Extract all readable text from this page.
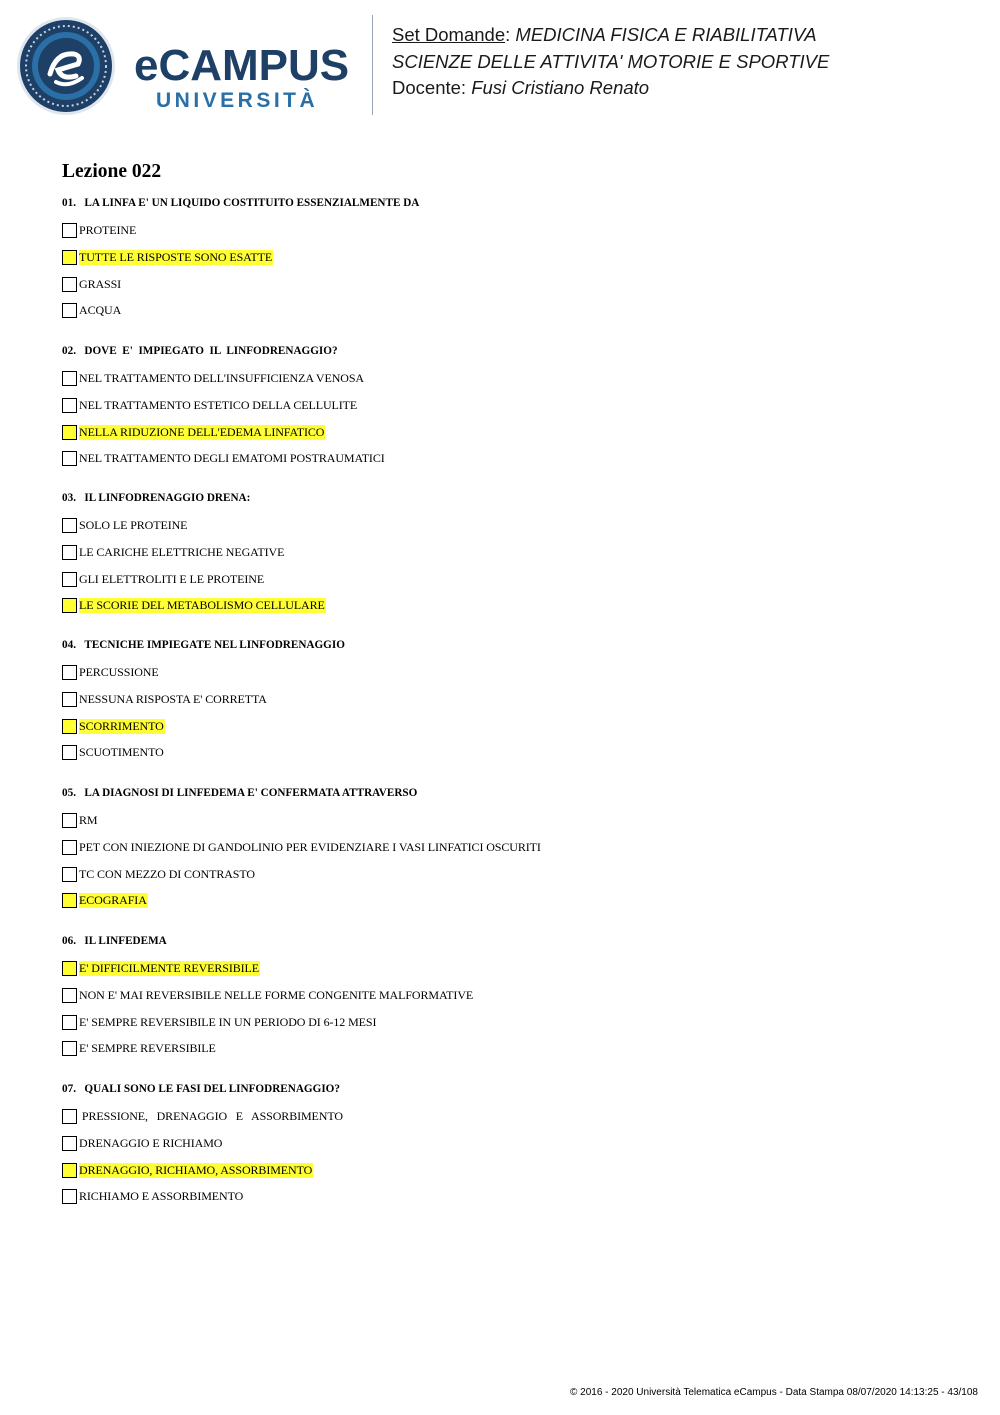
eCAMPUS
UNIVERSITÀ
Set Domande: MEDICINA FISICA E RIABILITATIVA
SCIENZE DELLE ATTIVITA' MOTORIE E SPORTIVE
Docente: Fusi Cristiano Renato
Lezione 022
01. LA LINFA E' UN LIQUIDO COSTITUITO ESSENZIALMENTE DA
PROTEINE
TUTTE LE RISPOSTE SONO ESATTE
GRASSI
ACQUA
02. DOVE  E'  IMPIEGATO  IL  LINFODRENAGGIO?
NEL TRATTAMENTO DELL'INSUFFICIENZA VENOSA
NEL TRATTAMENTO ESTETICO DELLA CELLULITE
NELLA RIDUZIONE DELL'EDEMA LINFATICO
NEL TRATTAMENTO DEGLI EMATOMI POSTRAUMATICI
03. IL LINFODRENAGGIO DRENA:
SOLO LE PROTEINE
LE CARICHE ELETTRICHE NEGATIVE
GLI ELETTROLITI E LE PROTEINE
LE SCORIE DEL METABOLISMO CELLULARE
04. TECNICHE IMPIEGATE NEL LINFODRENAGGIO
PERCUSSIONE
NESSUNA RISPOSTA E' CORRETTA
SCORRIMENTO
SCUOTIMENTO
05. LA DIAGNOSI DI LINFEDEMA E' CONFERMATA ATTRAVERSO
RM
PET CON INIEZIONE DI GANDOLINIO PER EVIDENZIARE I VASI LINFATICI OSCURITI
TC CON MEZZO DI CONTRASTO
ECOGRAFIA
06. IL LINFEDEMA
E' DIFFICILMENTE REVERSIBILE
NON E' MAI REVERSIBILE NELLE FORME CONGENITE MALFORMATIVE
E' SEMPRE REVERSIBILE IN UN PERIODO DI 6-12 MESI
E' SEMPRE REVERSIBILE
07. QUALI SONO LE FASI DEL LINFODRENAGGIO?
PRESSIONE,   DRENAGGIO   E   ASSORBIMENTO
DRENAGGIO E RICHIAMO
DRENAGGIO, RICHIAMO, ASSORBIMENTO
RICHIAMO E ASSORBIMENTO
© 2016 - 2020 Università Telematica eCampus - Data Stampa 08/07/2020 14:13:25 - 43/108
